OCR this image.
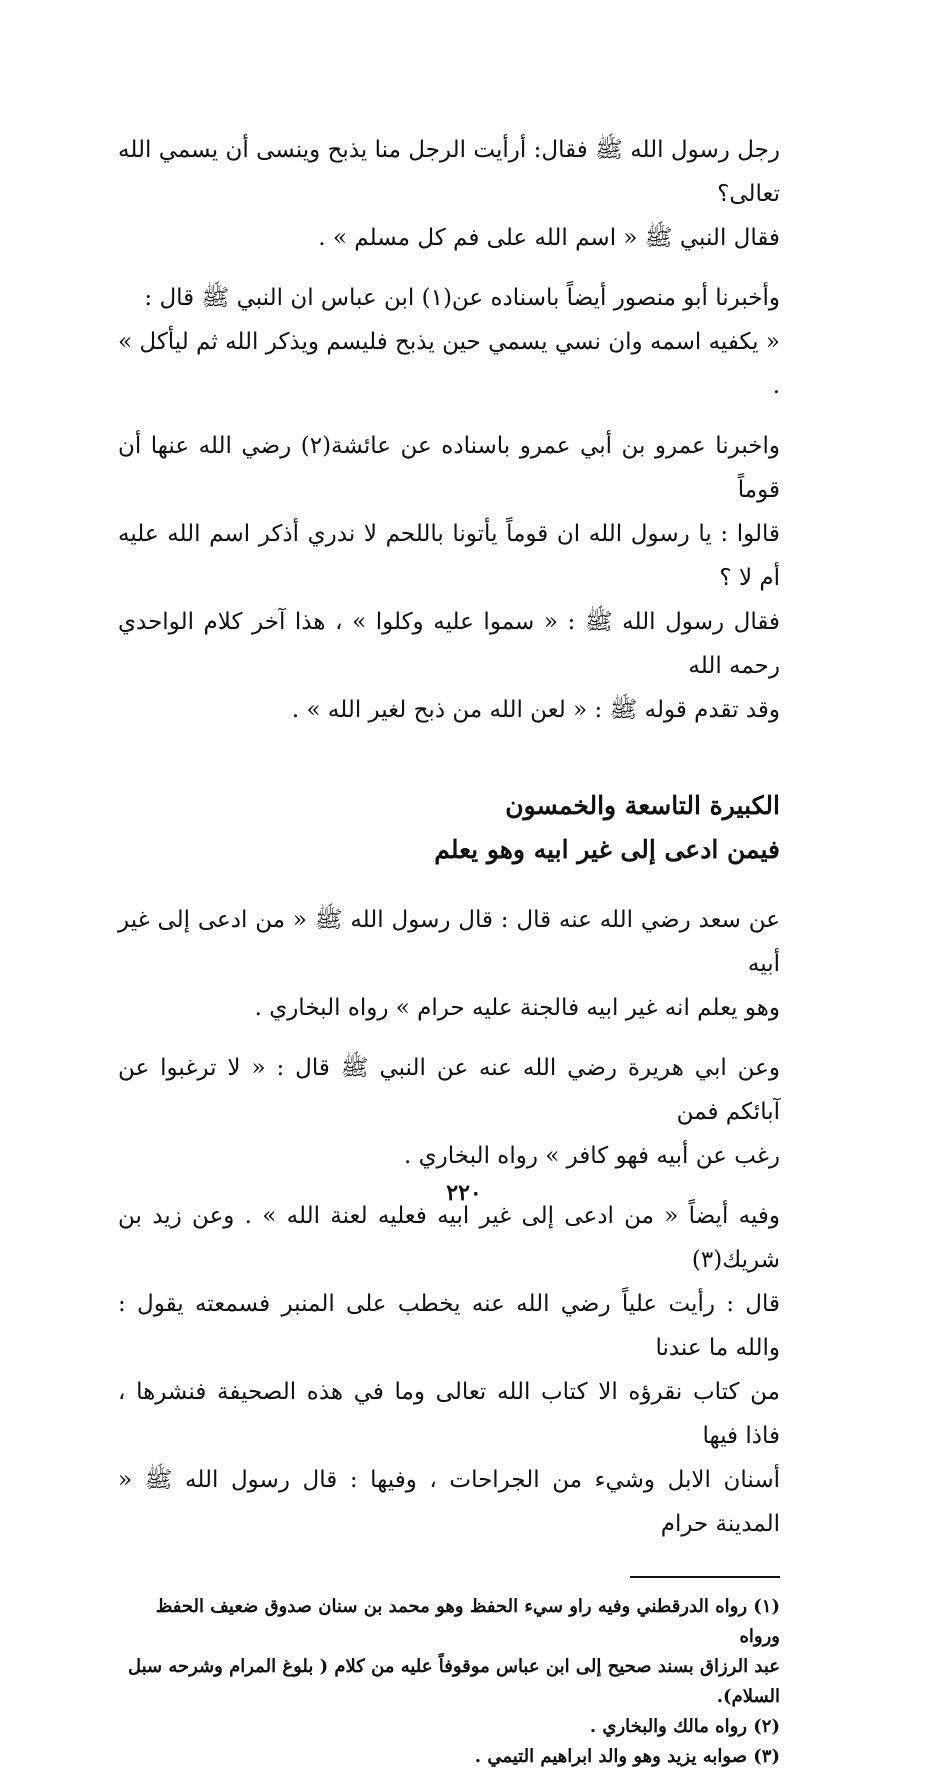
رجل رسول الله ﷺ فقال: أرأيت الرجل منا يذبح وينسى أن يسمي الله تعالى؟

فقال النبي ﷺ « اسم الله على فم كل مسلم » .

وأخبرنا أبو منصور أيضاً باسناده عن(١) ابن عباس ان النبي ﷺ قال :

« يكفيه اسمه وان نسي يسمي حين يذبح فليسم ويذكر الله ثم ليأكل » .

واخبرنا عمرو بن أبي عمرو باسناده عن عائشة(٢) رضي الله عنها أن قوماً

قالوا : يا رسول الله ان قوماً يأتونا باللحم لا ندري أذكر اسم الله عليه أم لا ؟

فقال رسول الله ﷺ : « سموا عليه وكلوا » ، هذا آخر كلام الواحدي رحمه الله

وقد تقدم قوله ﷺ : « لعن الله من ذبح لغير الله » .

الكبيرة التاسعة والخمسون
فيمن ادعى إلى غير ابيه وهو يعلم

عن سعد رضي الله عنه قال : قال رسول الله ﷺ « من ادعى إلى غير أبيه

وهو يعلم انه غير ابيه فالجنة عليه حرام » رواه البخاري .

وعن ابي هريرة رضي الله عنه عن النبي ﷺ قال : « لا ترغبوا عن آبائكم فمن

رغب عن أبيه فهو كافر » رواه البخاري .

وفيه أيضاً « من ادعى إلى غير ابيه فعليه لعنة الله » . وعن زيد بن شريك(٣)

قال : رأيت علياً رضي الله عنه يخطب على المنبر فسمعته يقول : والله ما عندنا

من كتاب نقرؤه الا كتاب الله تعالى وما في هذه الصحيفة فنشرها ، فاذا فيها

أسنان الابل وشيء من الجراحات ، وفيها : قال رسول الله ﷺ « المدينة حرام

(١) رواه الدرقطني وفيه راو سيء الحفظ وهو محمد بن سنان صدوق ضعيف الحفظ ورواه

عبد الرزاق بسند صحيح إلى ابن عباس موقوفاً عليه من كلام ( بلوغ المرام وشرحه سبل السلام).

(٢) رواه مالك والبخاري .

(٣) صوابه يزيد وهو والد ابراهيم التيمي .

٢٢٠
